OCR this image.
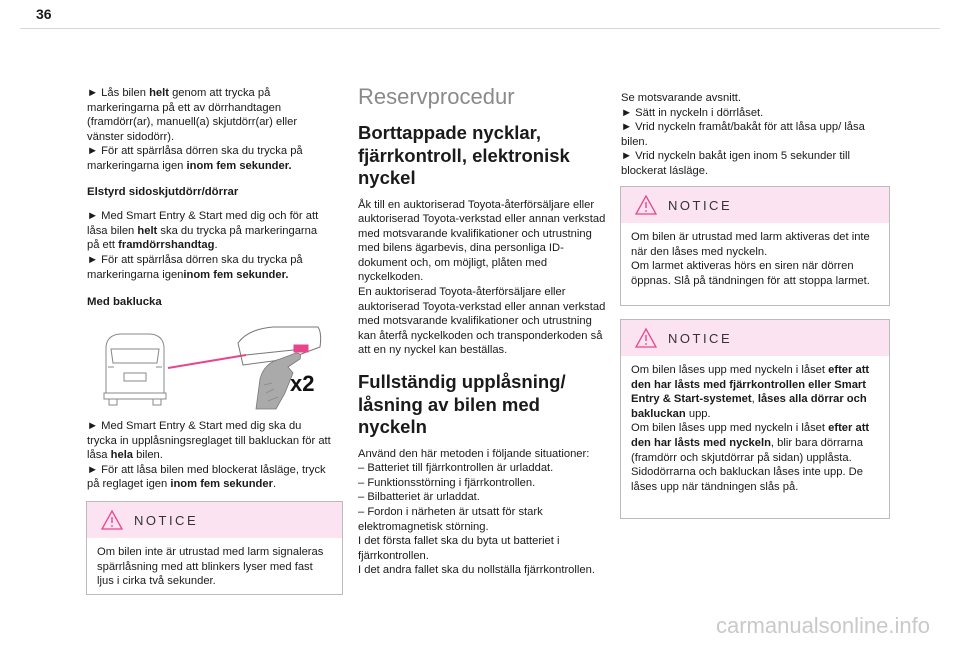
36

► Lås bilen helt genom att trycka på markeringarna på ett av dörrhandtagen (framdörr(ar), manuell(a) skjutdörr(ar) eller vänster sidodörr).
► För att spärrlåsa dörren ska du trycka på markeringarna igen inom fem sekunder.

Elstyrd sidoskjutdörr/dörrar

► Med Smart Entry & Start med dig och för att låsa bilen helt ska du trycka på markeringarna på ett framdörrshandtag.
► För att spärrlåsa dörren ska du trycka på markeringarna igeninom fem sekunder.

Med baklucka

x2

► Med Smart Entry & Start med dig ska du trycka in upplåsningsreglaget till bakluckan för att låsa hela bilen.
► För att låsa bilen med blockerat låsläge, tryck på reglaget igen inom fem sekunder.

NOTICE
Om bilen inte är utrustad med larm signaleras spärrlåsning med att blinkers lyser med fast ljus i cirka två sekunder.

Reservprocedur

Borttappade nycklar, fjärrkontroll, elektronisk nyckel

Åk till en auktoriserad Toyota-återförsäljare eller auktoriserad Toyota-verkstad eller annan verkstad med motsvarande kvalifikationer och utrustning med bilens ägarbevis, dina personliga ID-dokument och, om möjligt, plåten med nyckelkoden.
En auktoriserad Toyota-återförsäljare eller auktoriserad Toyota-verkstad eller annan verkstad med motsvarande kvalifikationer och utrustning kan återfå nyckelkoden och transponderkoden så att en ny nyckel kan beställas.

Fullständig upplåsning/ låsning av bilen med nyckeln

Använd den här metoden i följande situationer:
– Batteriet till fjärrkontrollen är urladdat.
– Funktionsstörning i fjärrkontrollen.
– Bilbatteriet är urladdat.
– Fordon i närheten är utsatt för stark elektromagnetisk störning.
I det första fallet ska du byta ut batteriet i fjärrkontrollen.
I det andra fallet ska du nollställa fjärrkontrollen.

Se motsvarande avsnitt.
► Sätt in nyckeln i dörrlåset.
► Vrid nyckeln framåt/bakåt för att låsa upp/ låsa bilen.
► Vrid nyckeln bakåt igen inom 5 sekunder till blockerat lásläge.

NOTICE
Om bilen är utrustad med larm aktiveras det inte när den låses med nyckeln.
Om larmet aktiveras hörs en siren när dörren öppnas. Slå på tändningen för att stoppa larmet.
NOTICE
Om bilen låses upp med nyckeln i låset efter att den har låsts med fjärrkontrollen eller Smart Entry & Start-systemet, låses alla dörrar och bakluckan upp.
Om bilen låses upp med nyckeln i låset efter att den har låsts med nyckeln, blir bara dörrarna (framdörr och skjutdörrar på sidan) upplåsta. Sidodörrarna och bakluckan låses inte upp. De låses upp när tändningen slås på.
carmanualsonline.info
